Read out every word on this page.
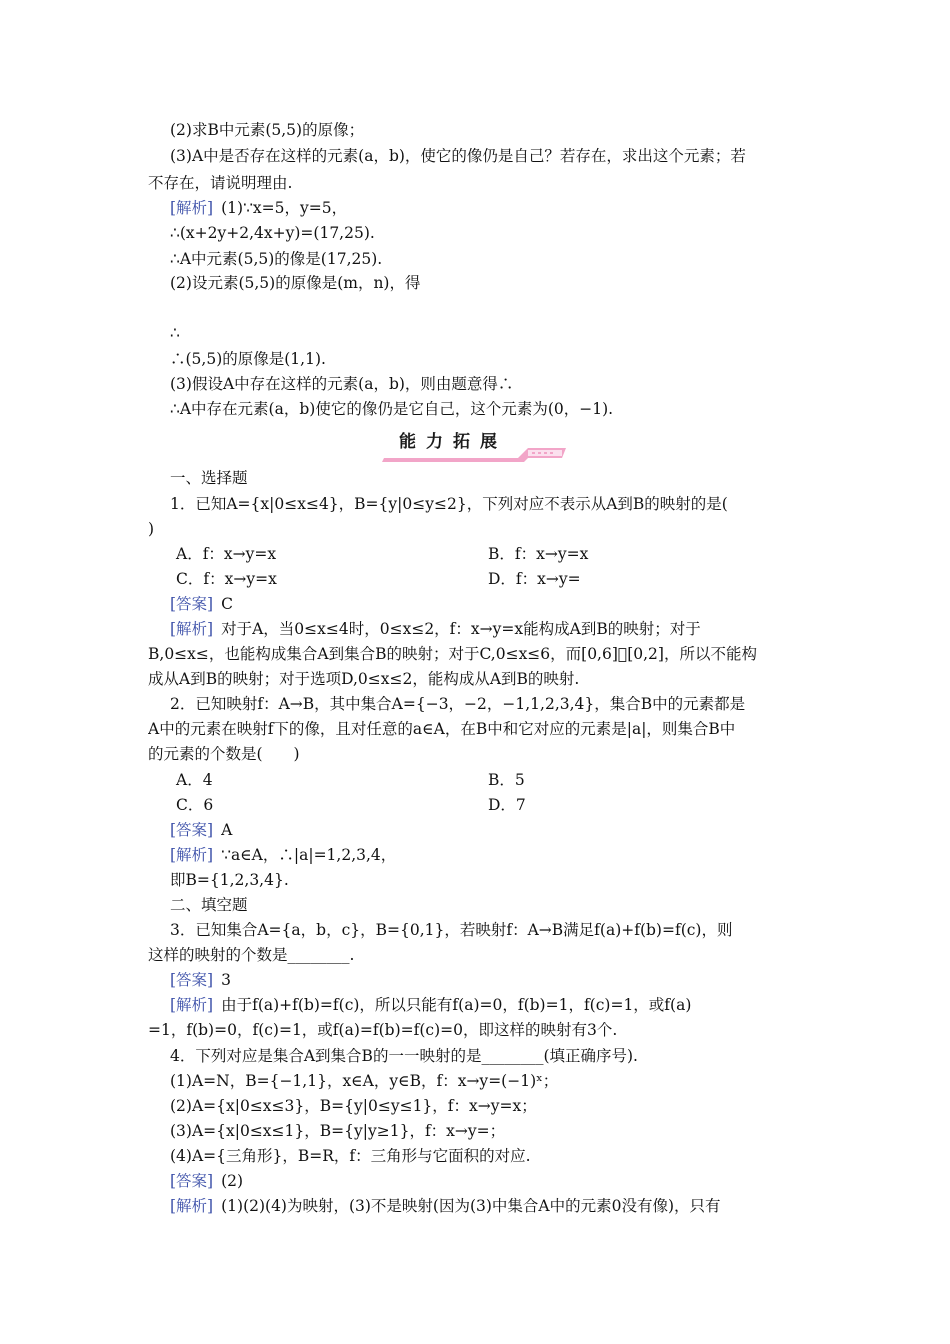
(2)求B中元素(5,5)的原像；
(3)A中是否存在这样的元素(a，b)，使它的像仍是自己？若存在，求出这个元素；若
不存在，请说明理由.
[解析] (1)∵x=5，y=5，
∴(x+2y+2,4x+y)=(17,25).
∴A中元素(5,5)的像是(17,25).
(2)设元素(5,5)的原像是(m，n)，得
∴
∴(5,5)的原像是(1,1).
(3)假设A中存在这样的元素(a，b)，则由题意得∴
∴A中存在元素(a，b)使它的像仍是它自己，这个元素为(0，−1).
能力拓展
一、选择题
1．已知A={x|0≤x≤4}，B={y|0≤y≤2}，下列对应不表示从A到B的映射的是(
)
A．f：x→y=x	B．f：x→y=x
C．f：x→y=x	D．f：x→y=
[答案] C
[解析] 对于A，当0≤x≤4时，0≤x≤2，f：x→y=x能构成A到B的映射；对于
B,0≤x≤，也能构成集合A到集合B的映射；对于C,0≤x≤6，而[0,6]⃠[0,2]，所以不能构
成从A到B的映射；对于选项D,0≤x≤2，能构成从A到B的映射.
2．已知映射f：A→B，其中集合A={−3，−2，−1,1,2,3,4}，集合B中的元素都是
A中的元素在映射f下的像，且对任意的a∈A，在B中和它对应的元素是|a|，则集合B中
的元素的个数是(　　)
A．4	B．5
C．6	D．7
[答案] A
[解析] ∵a∈A，∴|a|=1,2,3,4，
即B={1,2,3,4}.
二、填空题
3．已知集合A={a，b，c}，B={0,1}，若映射f：A→B满足f(a)+f(b)=f(c)，则
这样的映射的个数是________.
[答案] 3
[解析] 由于f(a)+f(b)=f(c)，所以只能有f(a)=0，f(b)=1，f(c)=1，或f(a)
=1，f(b)=0，f(c)=1，或f(a)=f(b)=f(c)=0，即这样的映射有3个.
4．下列对应是集合A到集合B的一一映射的是________(填正确序号).
(1)A=N，B={−1,1}，x∈A，y∈B，f：x→y=(−1)ˣ；
(2)A={x|0≤x≤3}，B={y|0≤y≤1}，f：x→y=x；
(3)A={x|0≤x≤1}，B={y|y≥1}，f：x→y=；
(4)A={三角形}，B=R，f：三角形与它面积的对应.
[答案] (2)
[解析] (1)(2)(4)为映射，(3)不是映射(因为(3)中集合A中的元素0没有像)，只有
